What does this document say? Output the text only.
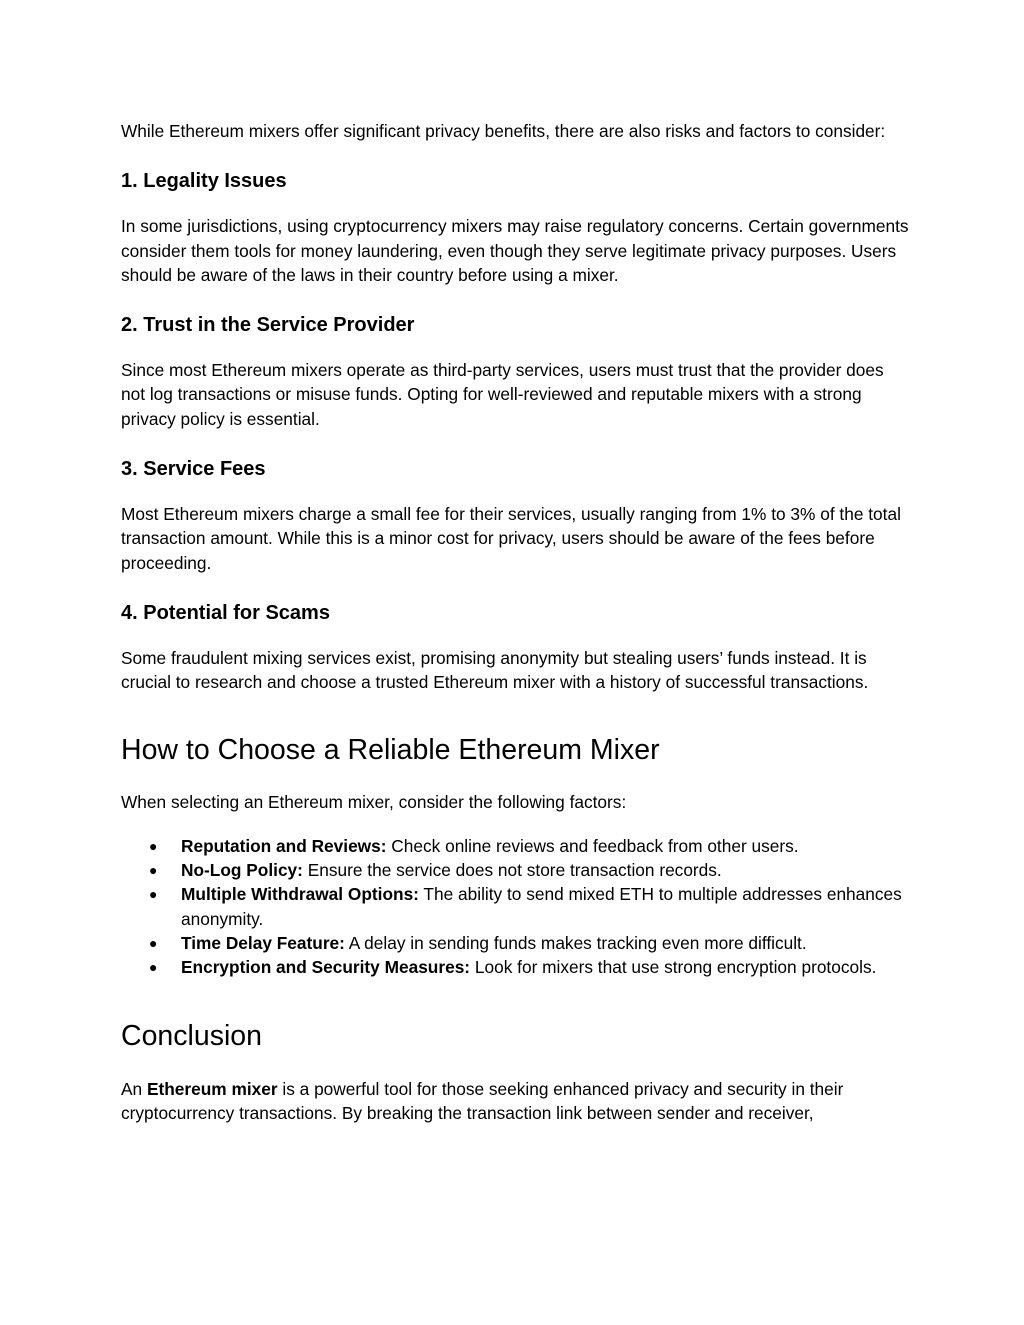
While Ethereum mixers offer significant privacy benefits, there are also risks and factors to consider:

1. Legality Issues

In some jurisdictions, using cryptocurrency mixers may raise regulatory concerns. Certain governments consider them tools for money laundering, even though they serve legitimate privacy purposes. Users should be aware of the laws in their country before using a mixer.

2. Trust in the Service Provider

Since most Ethereum mixers operate as third-party services, users must trust that the provider does not log transactions or misuse funds. Opting for well-reviewed and reputable mixers with a strong privacy policy is essential.

3. Service Fees

Most Ethereum mixers charge a small fee for their services, usually ranging from 1% to 3% of the total transaction amount. While this is a minor cost for privacy, users should be aware of the fees before proceeding.

4. Potential for Scams

Some fraudulent mixing services exist, promising anonymity but stealing users’ funds instead. It is crucial to research and choose a trusted Ethereum mixer with a history of successful transactions.

How to Choose a Reliable Ethereum Mixer

When selecting an Ethereum mixer, consider the following factors:

● Reputation and Reviews: Check online reviews and feedback from other users.
● No-Log Policy: Ensure the service does not store transaction records.
● Multiple Withdrawal Options: The ability to send mixed ETH to multiple addresses enhances anonymity.
● Time Delay Feature: A delay in sending funds makes tracking even more difficult.
● Encryption and Security Measures: Look for mixers that use strong encryption protocols.
Conclusion

An Ethereum mixer is a powerful tool for those seeking enhanced privacy and security in their cryptocurrency transactions. By breaking the transaction link between sender and receiver,
